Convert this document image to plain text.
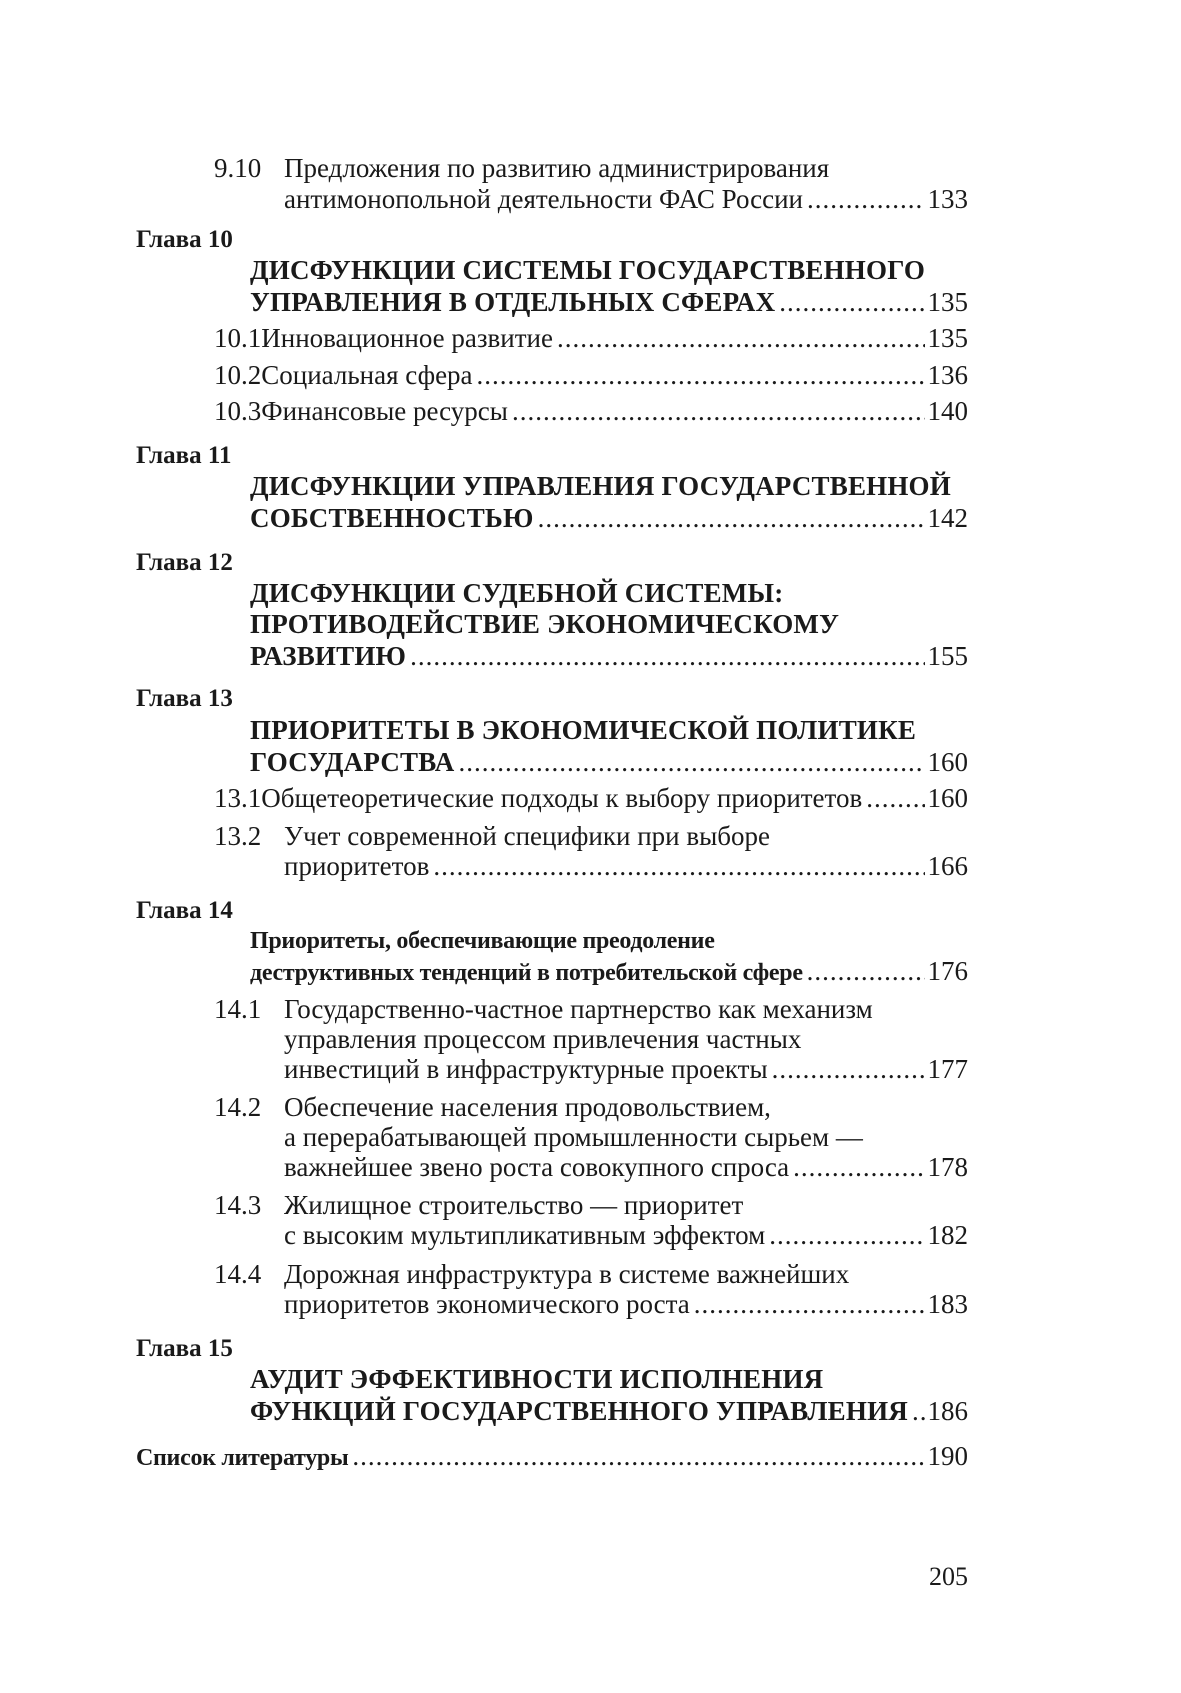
9.10 Предложения по развитию администрирования
антимонопольной деятельности ФАС России .....	133
Глава 10
ДИСФУНКЦИИ СИСТЕМЫ ГОСУДАРСТВЕННОГО
УПРАВЛЕНИЯ В ОТДЕЛЬНЫХ СФЕРАХ .....	135
10.1 Инновационное развитие .....	135
10.2 Социальная сфера .....	136
10.3 Финансовые ресурсы .....	140
Глава 11
ДИСФУНКЦИИ УПРАВЛЕНИЯ ГОСУДАРСТВЕННОЙ
СОБСТВЕННОСТЬЮ .....	142
Глава 12
ДИСФУНКЦИИ СУДЕБНОЙ СИСТЕМЫ:
ПРОТИВОДЕЙСТВИЕ ЭКОНОМИЧЕСКОМУ
РАЗВИТИЮ .....	155
Глава 13
ПРИОРИТЕТЫ В ЭКОНОМИЧЕСКОЙ ПОЛИТИКЕ
ГОСУДАРСТВА .....	160
13.1 Общетеоретические подходы к выбору приоритетов ..... 160
13.2 Учет современной специфики при выборе
приоритетов .....	166
Глава 14
Приоритеты, обеспечивающие преодоление
деструктивных тенденций в потребительской сфере .....	176
14.1 Государственно-частное партнерство как механизм
управления процессом привлечения частных
инвестиций в инфраструктурные проекты .....	177
14.2 Обеспечение населения продовольствием,
а перерабатывающей промышленности сырьем —
важнейшее звено роста совокупного спроса .....	178
14.3 Жилищное строительство — приоритет
с высоким мультипликативным эффектом .....	182
14.4 Дорожная инфраструктура в системе важнейших
приоритетов экономического роста .....	183
Глава 15
АУДИТ ЭФФЕКТИВНОСТИ ИСПОЛНЕНИЯ
ФУНКЦИЙ ГОСУДАРСТВЕННОГО УПРАВЛЕНИЯ ..... 186
Список литературы .....	190
205
